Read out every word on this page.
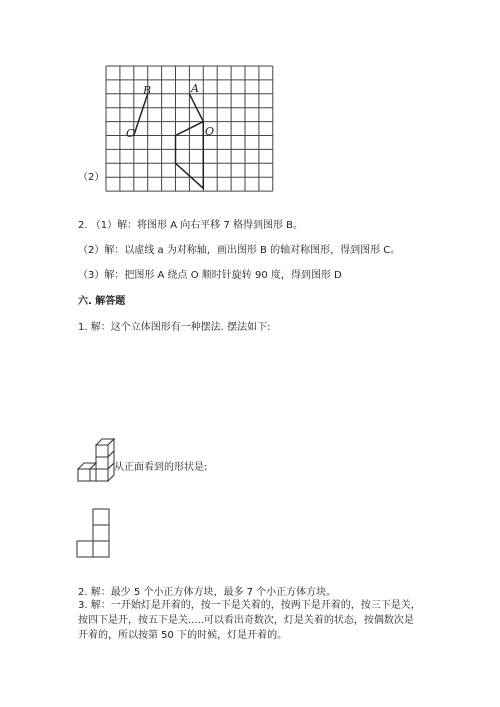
B	A
C	O
（2）
2. （1）解：将图形 A 向右平移 7 格得到图形 B。
（2）解：以虚线 a 为对称轴，画出图形 B 的轴对称图形，得到图形 C。
（3）解：把图形 A 绕点 O 顺时针旋转 90 度，得到图形 D
六. 解答题
1. 解：这个立体图形有一种摆法. 摆法如下:
从正面看到的形状是:
2. 解：最少 5 个小正方体方块，最多 7 个小正方体方块。
3. 解：一开始灯是开着的，按一下是关着的，按两下是开着的，按三下是关，
按四下是开，按五下是关.....可以看出奇数次，灯是关着的状态，按偶数次是
开着的，所以按第 50 下的时候，灯是开着的。
